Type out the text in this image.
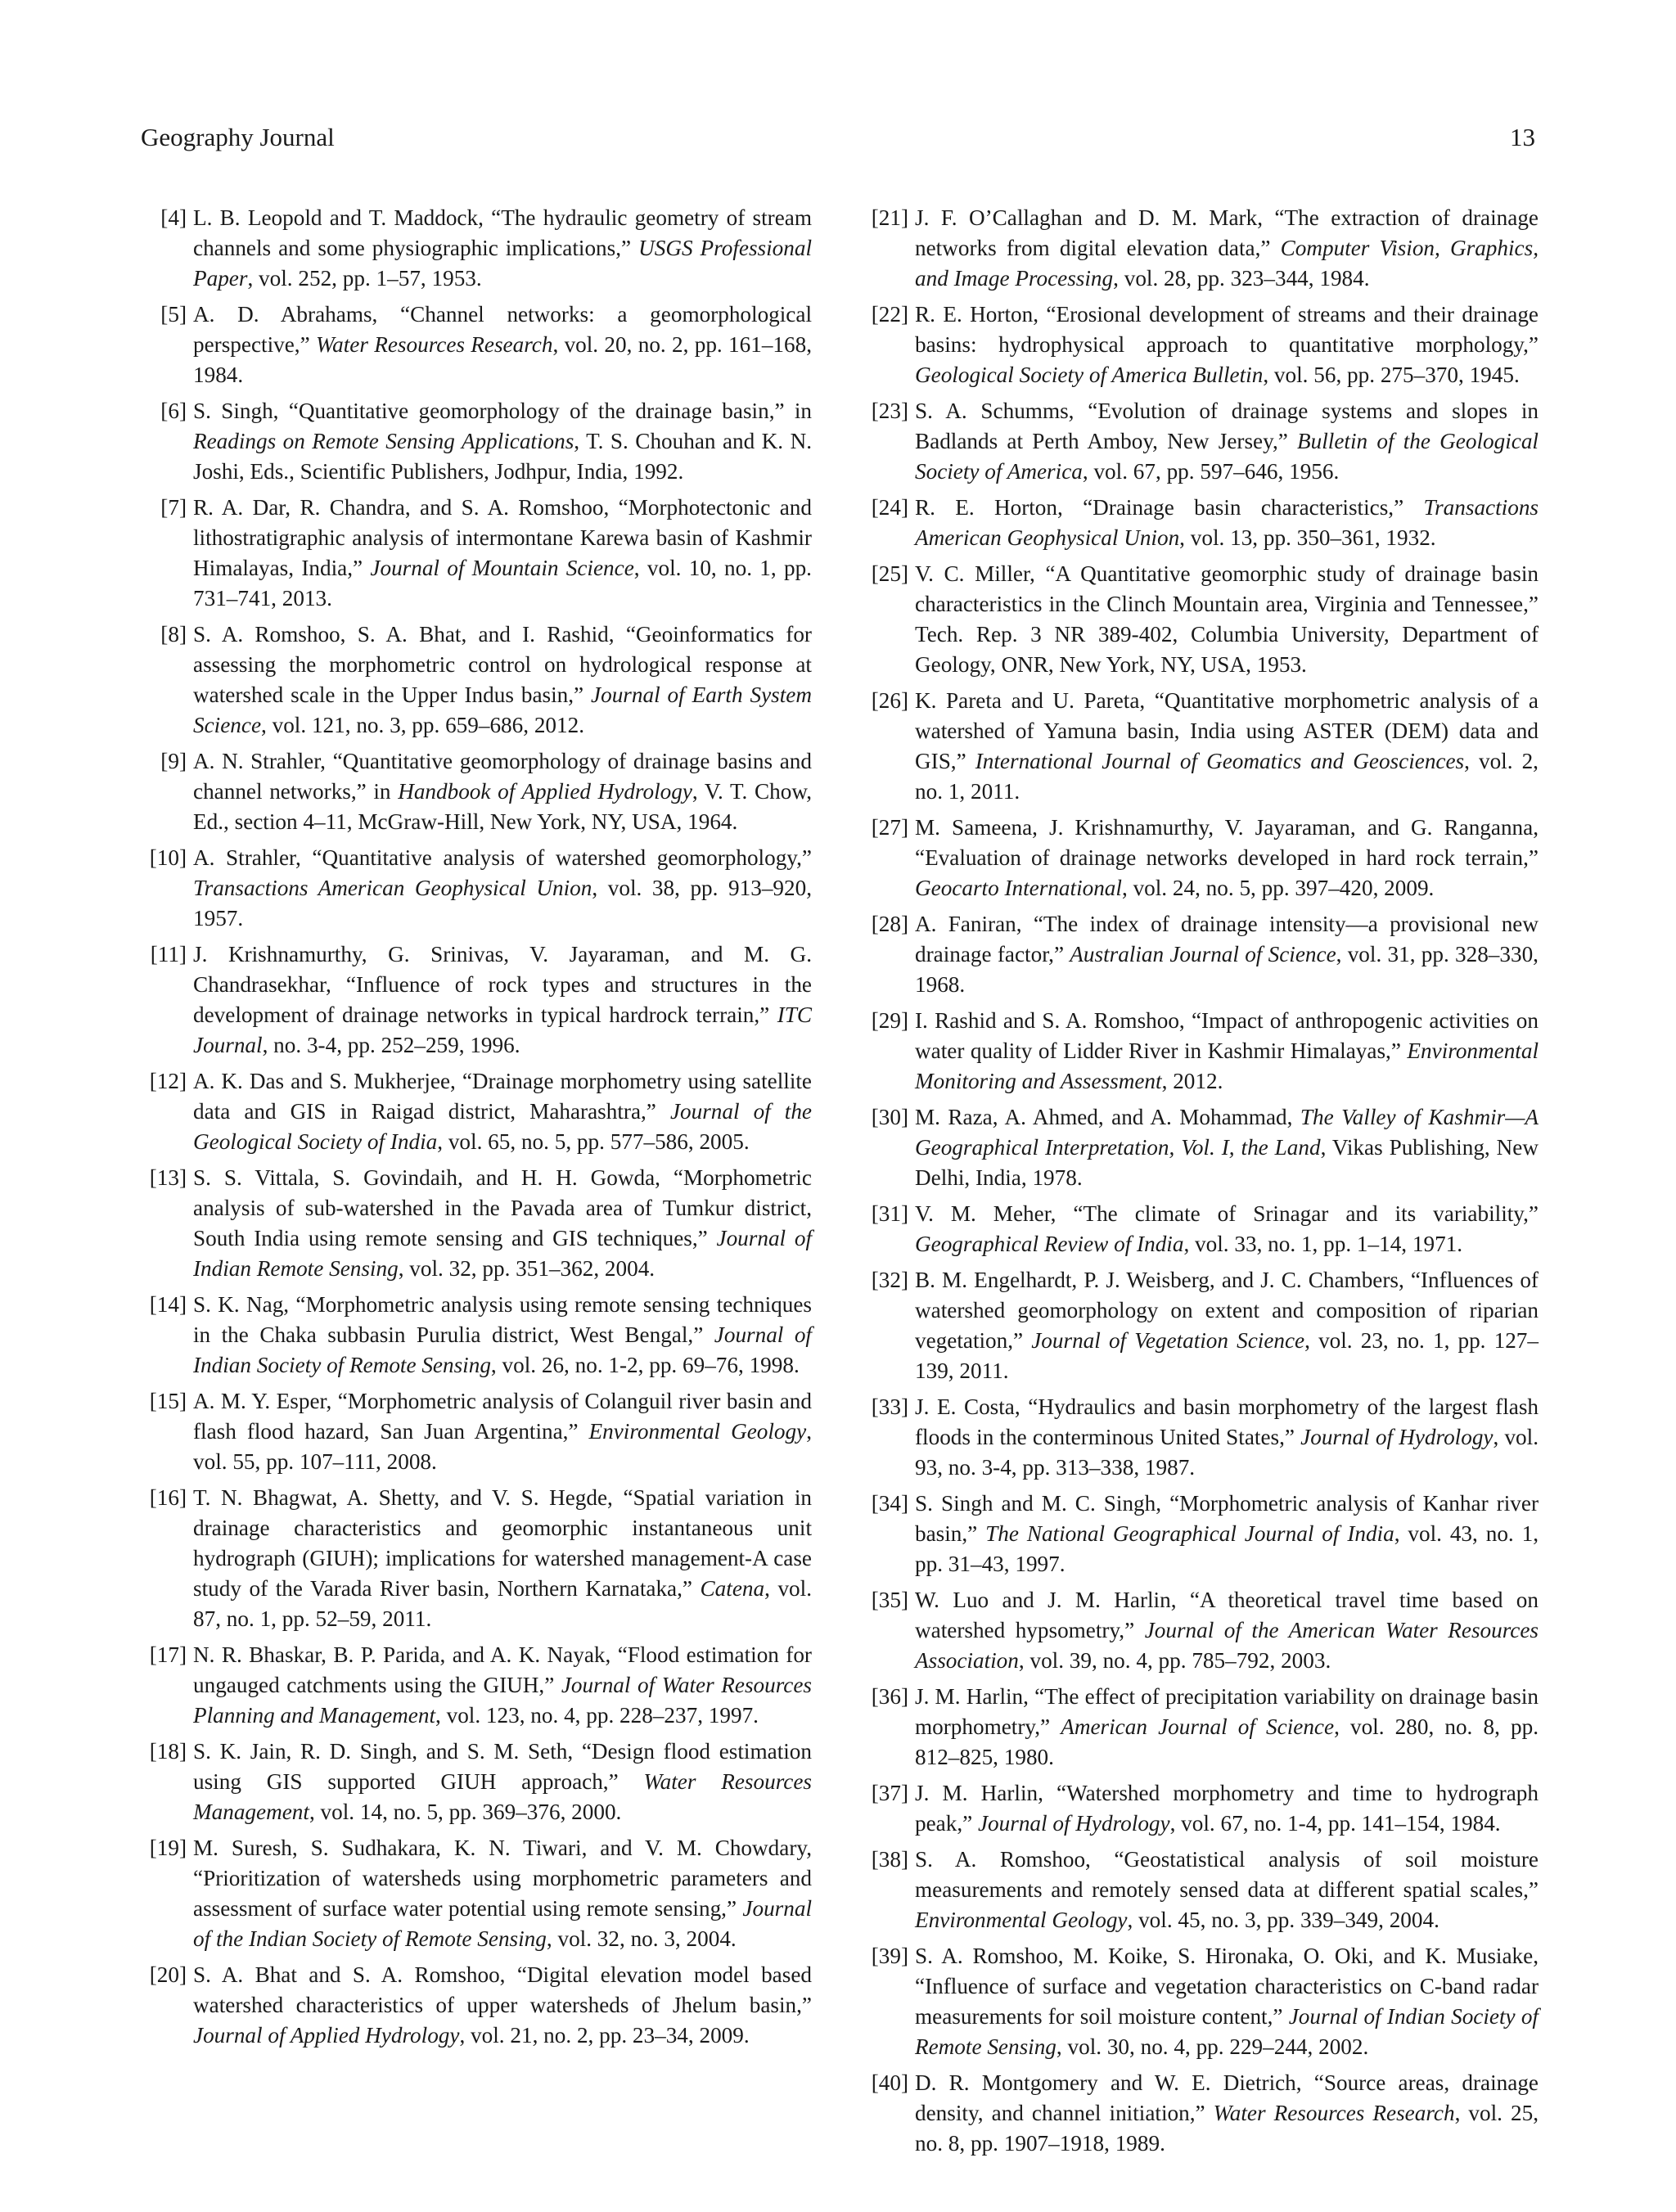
Geography Journal	13
[4] L. B. Leopold and T. Maddock, “The hydraulic geometry of stream channels and some physiographic implications,” USGS Professional Paper, vol. 252, pp. 1–57, 1953.
[5] A. D. Abrahams, “Channel networks: a geomorphological perspective,” Water Resources Research, vol. 20, no. 2, pp. 161–168, 1984.
[6] S. Singh, “Quantitative geomorphology of the drainage basin,” in Readings on Remote Sensing Applications, T. S. Chouhan and K. N. Joshi, Eds., Scientific Publishers, Jodhpur, India, 1992.
[7] R. A. Dar, R. Chandra, and S. A. Romshoo, “Morphotectonic and lithostratigraphic analysis of intermontane Karewa basin of Kashmir Himalayas, India,” Journal of Mountain Science, vol. 10, no. 1, pp. 731–741, 2013.
[8] S. A. Romshoo, S. A. Bhat, and I. Rashid, “Geoinformatics for assessing the morphometric control on hydrological response at watershed scale in the Upper Indus basin,” Journal of Earth System Science, vol. 121, no. 3, pp. 659–686, 2012.
[9] A. N. Strahler, “Quantitative geomorphology of drainage basins and channel networks,” in Handbook of Applied Hydrology, V. T. Chow, Ed., section 4–11, McGraw-Hill, New York, NY, USA, 1964.
[10] A. Strahler, “Quantitative analysis of watershed geomorphology,” Transactions American Geophysical Union, vol. 38, pp. 913–920, 1957.
[11] J. Krishnamurthy, G. Srinivas, V. Jayaraman, and M. G. Chandrasekhar, “Influence of rock types and structures in the development of drainage networks in typical hardrock terrain,” ITC Journal, no. 3-4, pp. 252–259, 1996.
[12] A. K. Das and S. Mukherjee, “Drainage morphometry using satellite data and GIS in Raigad district, Maharashtra,” Journal of the Geological Society of India, vol. 65, no. 5, pp. 577–586, 2005.
[13] S. S. Vittala, S. Govindaih, and H. H. Gowda, “Morphometric analysis of sub-watershed in the Pavada area of Tumkur district, South India using remote sensing and GIS techniques,” Journal of Indian Remote Sensing, vol. 32, pp. 351–362, 2004.
[14] S. K. Nag, “Morphometric analysis using remote sensing techniques in the Chaka subbasin Purulia district, West Bengal,” Journal of Indian Society of Remote Sensing, vol. 26, no. 1-2, pp. 69–76, 1998.
[15] A. M. Y. Esper, “Morphometric analysis of Colanguil river basin and flash flood hazard, San Juan Argentina,” Environmental Geology, vol. 55, pp. 107–111, 2008.
[16] T. N. Bhagwat, A. Shetty, and V. S. Hegde, “Spatial variation in drainage characteristics and geomorphic instantaneous unit hydrograph (GIUH); implications for watershed management-A case study of the Varada River basin, Northern Karnataka,” Catena, vol. 87, no. 1, pp. 52–59, 2011.
[17] N. R. Bhaskar, B. P. Parida, and A. K. Nayak, “Flood estimation for ungauged catchments using the GIUH,” Journal of Water Resources Planning and Management, vol. 123, no. 4, pp. 228–237, 1997.
[18] S. K. Jain, R. D. Singh, and S. M. Seth, “Design flood estimation using GIS supported GIUH approach,” Water Resources Management, vol. 14, no. 5, pp. 369–376, 2000.
[19] M. Suresh, S. Sudhakara, K. N. Tiwari, and V. M. Chowdary, “Prioritization of watersheds using morphometric parameters and assessment of surface water potential using remote sensing,” Journal of the Indian Society of Remote Sensing, vol. 32, no. 3, 2004.
[20] S. A. Bhat and S. A. Romshoo, “Digital elevation model based watershed characteristics of upper watersheds of Jhelum basin,” Journal of Applied Hydrology, vol. 21, no. 2, pp. 23–34, 2009.
[21] J. F. O’Callaghan and D. M. Mark, “The extraction of drainage networks from digital elevation data,” Computer Vision, Graphics, and Image Processing, vol. 28, pp. 323–344, 1984.
[22] R. E. Horton, “Erosional development of streams and their drainage basins: hydrophysical approach to quantitative morphology,” Geological Society of America Bulletin, vol. 56, pp. 275–370, 1945.
[23] S. A. Schumms, “Evolution of drainage systems and slopes in Badlands at Perth Amboy, New Jersey,” Bulletin of the Geological Society of America, vol. 67, pp. 597–646, 1956.
[24] R. E. Horton, “Drainage basin characteristics,” Transactions American Geophysical Union, vol. 13, pp. 350–361, 1932.
[25] V. C. Miller, “A Quantitative geomorphic study of drainage basin characteristics in the Clinch Mountain area, Virginia and Tennessee,” Tech. Rep. 3 NR 389-402, Columbia University, Department of Geology, ONR, New York, NY, USA, 1953.
[26] K. Pareta and U. Pareta, “Quantitative morphometric analysis of a watershed of Yamuna basin, India using ASTER (DEM) data and GIS,” International Journal of Geomatics and Geosciences, vol. 2, no. 1, 2011.
[27] M. Sameena, J. Krishnamurthy, V. Jayaraman, and G. Ranganna, “Evaluation of drainage networks developed in hard rock terrain,” Geocarto International, vol. 24, no. 5, pp. 397–420, 2009.
[28] A. Faniran, “The index of drainage intensity—a provisional new drainage factor,” Australian Journal of Science, vol. 31, pp. 328–330, 1968.
[29] I. Rashid and S. A. Romshoo, “Impact of anthropogenic activities on water quality of Lidder River in Kashmir Himalayas,” Environmental Monitoring and Assessment, 2012.
[30] M. Raza, A. Ahmed, and A. Mohammad, The Valley of Kashmir—A Geographical Interpretation, Vol. I, the Land, Vikas Publishing, New Delhi, India, 1978.
[31] V. M. Meher, “The climate of Srinagar and its variability,” Geographical Review of India, vol. 33, no. 1, pp. 1–14, 1971.
[32] B. M. Engelhardt, P. J. Weisberg, and J. C. Chambers, “Influences of watershed geomorphology on extent and composition of riparian vegetation,” Journal of Vegetation Science, vol. 23, no. 1, pp. 127–139, 2011.
[33] J. E. Costa, “Hydraulics and basin morphometry of the largest flash floods in the conterminous United States,” Journal of Hydrology, vol. 93, no. 3-4, pp. 313–338, 1987.
[34] S. Singh and M. C. Singh, “Morphometric analysis of Kanhar river basin,” The National Geographical Journal of India, vol. 43, no. 1, pp. 31–43, 1997.
[35] W. Luo and J. M. Harlin, “A theoretical travel time based on watershed hypsometry,” Journal of the American Water Resources Association, vol. 39, no. 4, pp. 785–792, 2003.
[36] J. M. Harlin, “The effect of precipitation variability on drainage basin morphometry,” American Journal of Science, vol. 280, no. 8, pp. 812–825, 1980.
[37] J. M. Harlin, “Watershed morphometry and time to hydrograph peak,” Journal of Hydrology, vol. 67, no. 1-4, pp. 141–154, 1984.
[38] S. A. Romshoo, “Geostatistical analysis of soil moisture measurements and remotely sensed data at different spatial scales,” Environmental Geology, vol. 45, no. 3, pp. 339–349, 2004.
[39] S. A. Romshoo, M. Koike, S. Hironaka, O. Oki, and K. Musiake, “Influence of surface and vegetation characteristics on C-band radar measurements for soil moisture content,” Journal of Indian Society of Remote Sensing, vol. 30, no. 4, pp. 229–244, 2002.
[40] D. R. Montgomery and W. E. Dietrich, “Source areas, drainage density, and channel initiation,” Water Resources Research, vol. 25, no. 8, pp. 1907–1918, 1989.
